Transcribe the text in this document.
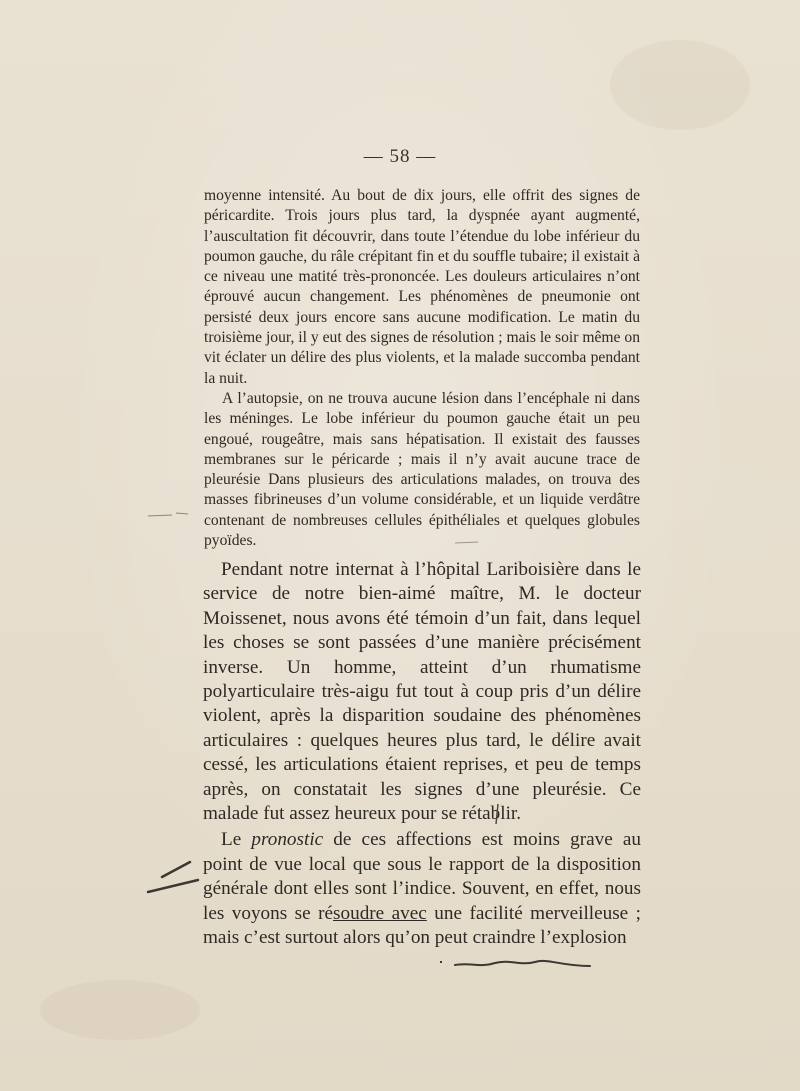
— 58 —

moyenne intensité. Au bout de dix jours, elle offrit des signes de péricardite. Trois jours plus tard, la dyspnée ayant augmenté, l’auscultation fit découvrir, dans toute l’étendue du lobe inférieur du poumon gauche, du râle crépitant fin et du souffle tubaire; il existait à ce niveau une matité très-prononcée. Les douleurs articulaires n’ont éprouvé aucun changement. Les phénomènes de pneumonie ont persisté deux jours encore sans aucune modification. Le matin du troisième jour, il y eut des signes de résolution ; mais le soir même on vit éclater un délire des plus violents, et la malade succomba pendant la nuit.

A l’autopsie, on ne trouva aucune lésion dans l’encéphale ni dans les méninges. Le lobe inférieur du poumon gauche était un peu engoué, rougeâtre, mais sans hépatisation. Il existait des fausses membranes sur le péricarde ; mais il n’y avait aucune trace de pleurésie Dans plusieurs des articulations malades, on trouva des masses fibrineuses d’un volume considérable, et un liquide verdâtre contenant de nombreuses cellules épithéliales et quelques globules pyoïdes.

Pendant notre internat à l’hôpital Lariboisière dans le service de notre bien-aimé maître, M. le docteur Moissenet, nous avons été témoin d’un fait, dans lequel les choses se sont passées d’une manière précisément inverse. Un homme, atteint d’un rhumatisme polyarticulaire très-aigu fut tout à coup pris d’un délire violent, après la disparition soudaine des phénomènes articulaires : quelques heures plus tard, le délire avait cessé, les articulations étaient reprises, et peu de temps après, on constatait les signes d’une pleurésie. Ce malade fut assez heureux pour se rétablir.

Le pronostic de ces affections est moins grave au point de vue local que sous le rapport de la disposition générale dont elles sont l’indice. Souvent, en effet, nous les voyons se résoudre avec une facilité merveilleuse ; mais c’est surtout alors qu’on peut craindre l’explosion
